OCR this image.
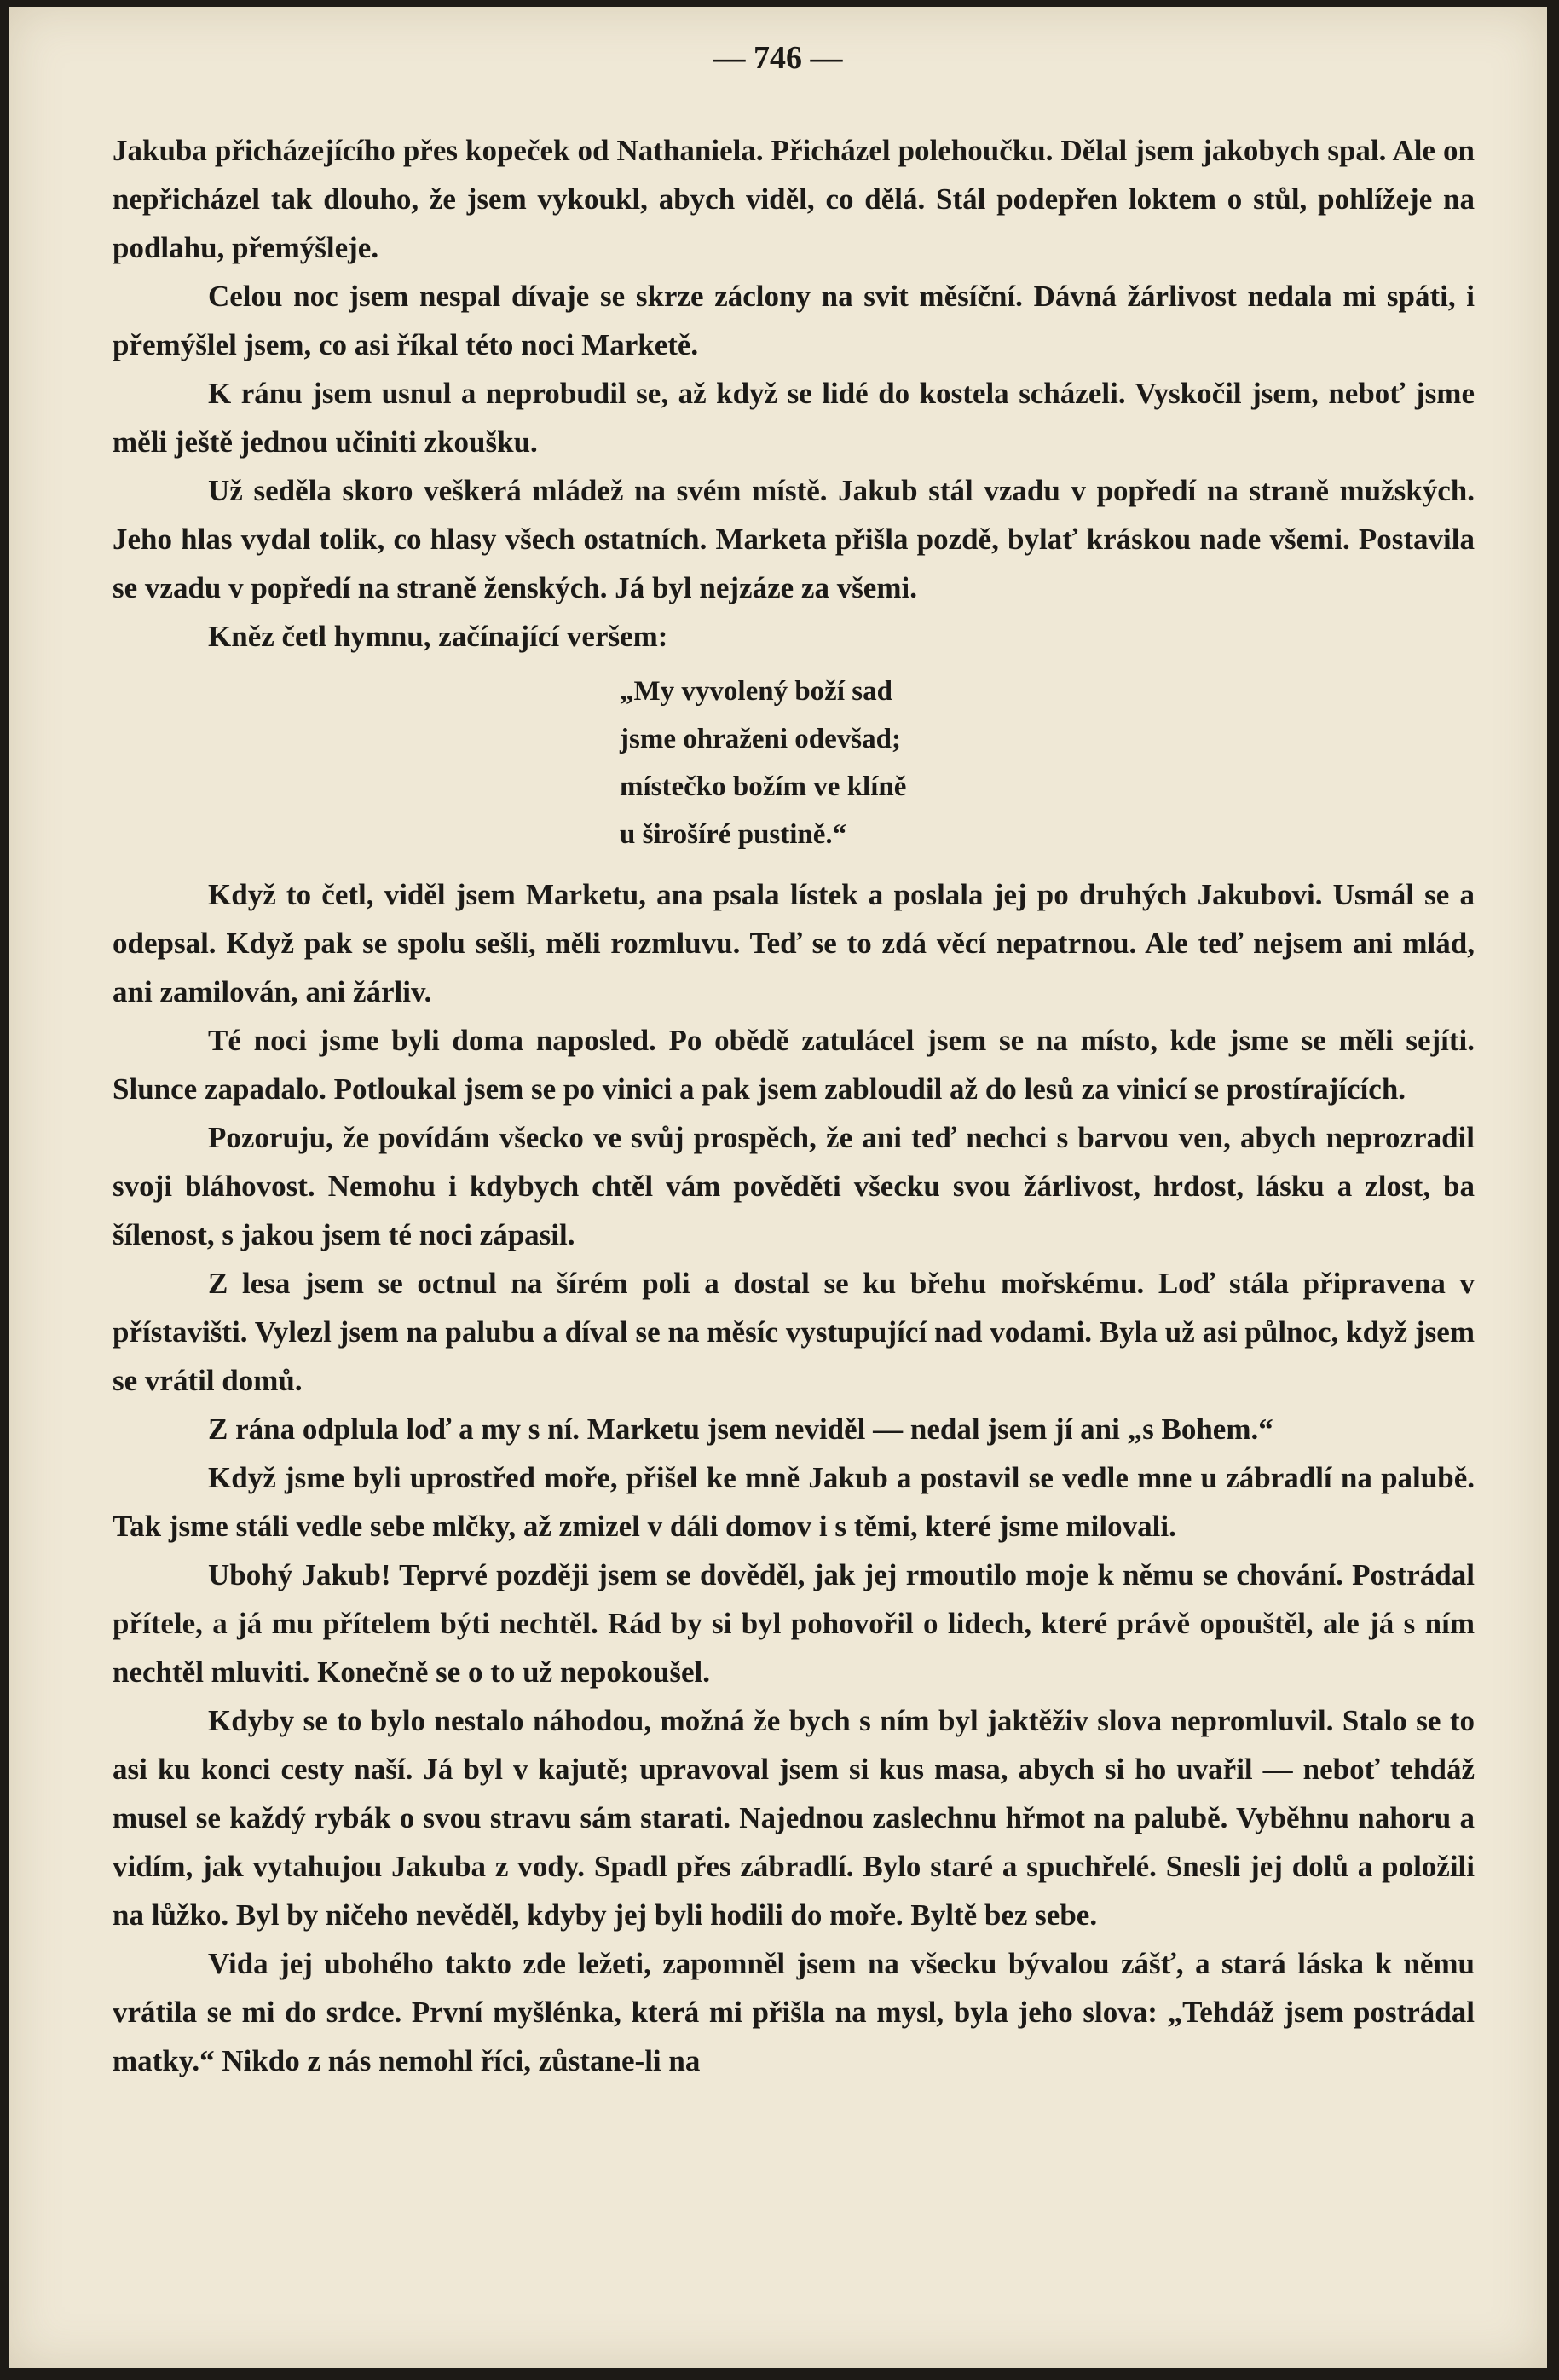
— 746 —

Jakuba přicházejícího přes kopeček od Nathaniela. Přicházel polehoučku. Dělal jsem jakobych spal. Ale on nepřicházel tak dlouho, že jsem vykoukl, abych viděl, co dělá. Stál podepřen loktem o stůl, pohlížeje na podlahu, přemýšleje.

Celou noc jsem nespal dívaje se skrze záclony na svit měsíční. Dávná žárlivost nedala mi spáti, i přemýšlel jsem, co asi říkal této noci Marketě.

K ránu jsem usnul a neprobudil se, až když se lidé do kostela scházeli. Vyskočil jsem, neboť jsme měli ještě jednou učiniti zkoušku.

Už seděla skoro veškerá mládež na svém místě. Jakub stál vzadu v popředí na straně mužských. Jeho hlas vydal tolik, co hlasy všech ostatních. Marketa přišla pozdě, bylať kráskou nade všemi. Postavila se vzadu v popředí na straně ženských. Já byl nejzáze za všemi.

Kněz četl hymnu, začínající veršem:

„My vyvolený boží sad
jsme ohraženi odevšad;
místečko božím ve klíně
u širošíré pustině.“

Když to četl, viděl jsem Marketu, ana psala lístek a poslala jej po druhých Jakubovi. Usmál se a odepsal. Když pak se spolu sešli, měli rozmluvu. Teď se to zdá věcí nepatrnou. Ale teď nejsem ani mlád, ani zamilován, ani žárliv.

Té noci jsme byli doma naposled. Po obědě zatulácel jsem se na místo, kde jsme se měli sejíti. Slunce zapadalo. Potloukal jsem se po vinici a pak jsem zabloudil až do lesů za vinicí se prostírajících.

Pozoruju, že povídám všecko ve svůj prospěch, že ani teď nechci s barvou ven, abych neprozradil svoji bláhovost. Nemohu i kdybych chtěl vám pověděti všecku svou žárlivost, hrdost, lásku a zlost, ba šílenost, s jakou jsem té noci zápasil.

Z lesa jsem se octnul na šírém poli a dostal se ku břehu mořskému. Loď stála připravena v přístavišti. Vylezl jsem na palubu a díval se na měsíc vystupující nad vodami. Byla už asi půlnoc, když jsem se vrátil domů.

Z rána odplula loď a my s ní. Marketu jsem neviděl — nedal jsem jí ani „s Bohem.“

Když jsme byli uprostřed moře, přišel ke mně Jakub a postavil se vedle mne u zábradlí na palubě. Tak jsme stáli vedle sebe mlčky, až zmizel v dáli domov i s těmi, které jsme milovali.

Ubohý Jakub! Teprvé později jsem se dověděl, jak jej rmoutilo moje k němu se chování. Postrádal přítele, a já mu přítelem býti nechtěl. Rád by si byl pohovořil o lidech, které právě opouštěl, ale já s ním nechtěl mluviti. Konečně se o to už nepokoušel.

Kdyby se to bylo nestalo náhodou, možná že bych s ním byl jaktěživ slova nepromluvil. Stalo se to asi ku konci cesty naší. Já byl v kajutě; upravoval jsem si kus masa, abych si ho uvařil — neboť tehdáž musel se každý rybák o svou stravu sám starati. Najednou zaslechnu hřmot na palubě. Vyběhnu nahoru a vidím, jak vytahujou Jakuba z vody. Spadl přes zábradlí. Bylo staré a spuchřelé. Snesli jej dolů a položili na lůžko. Byl by ničeho nevěděl, kdyby jej byli hodili do moře. Byltě bez sebe.

Vida jej ubohého takto zde ležeti, zapomněl jsem na všecku bývalou zášť, a stará láska k němu vrátila se mi do srdce. První myšlénka, která mi přišla na mysl, byla jeho slova: „Tehdáž jsem postrádal matky.“ Nikdo z nás nemohl říci, zůstane-li na
